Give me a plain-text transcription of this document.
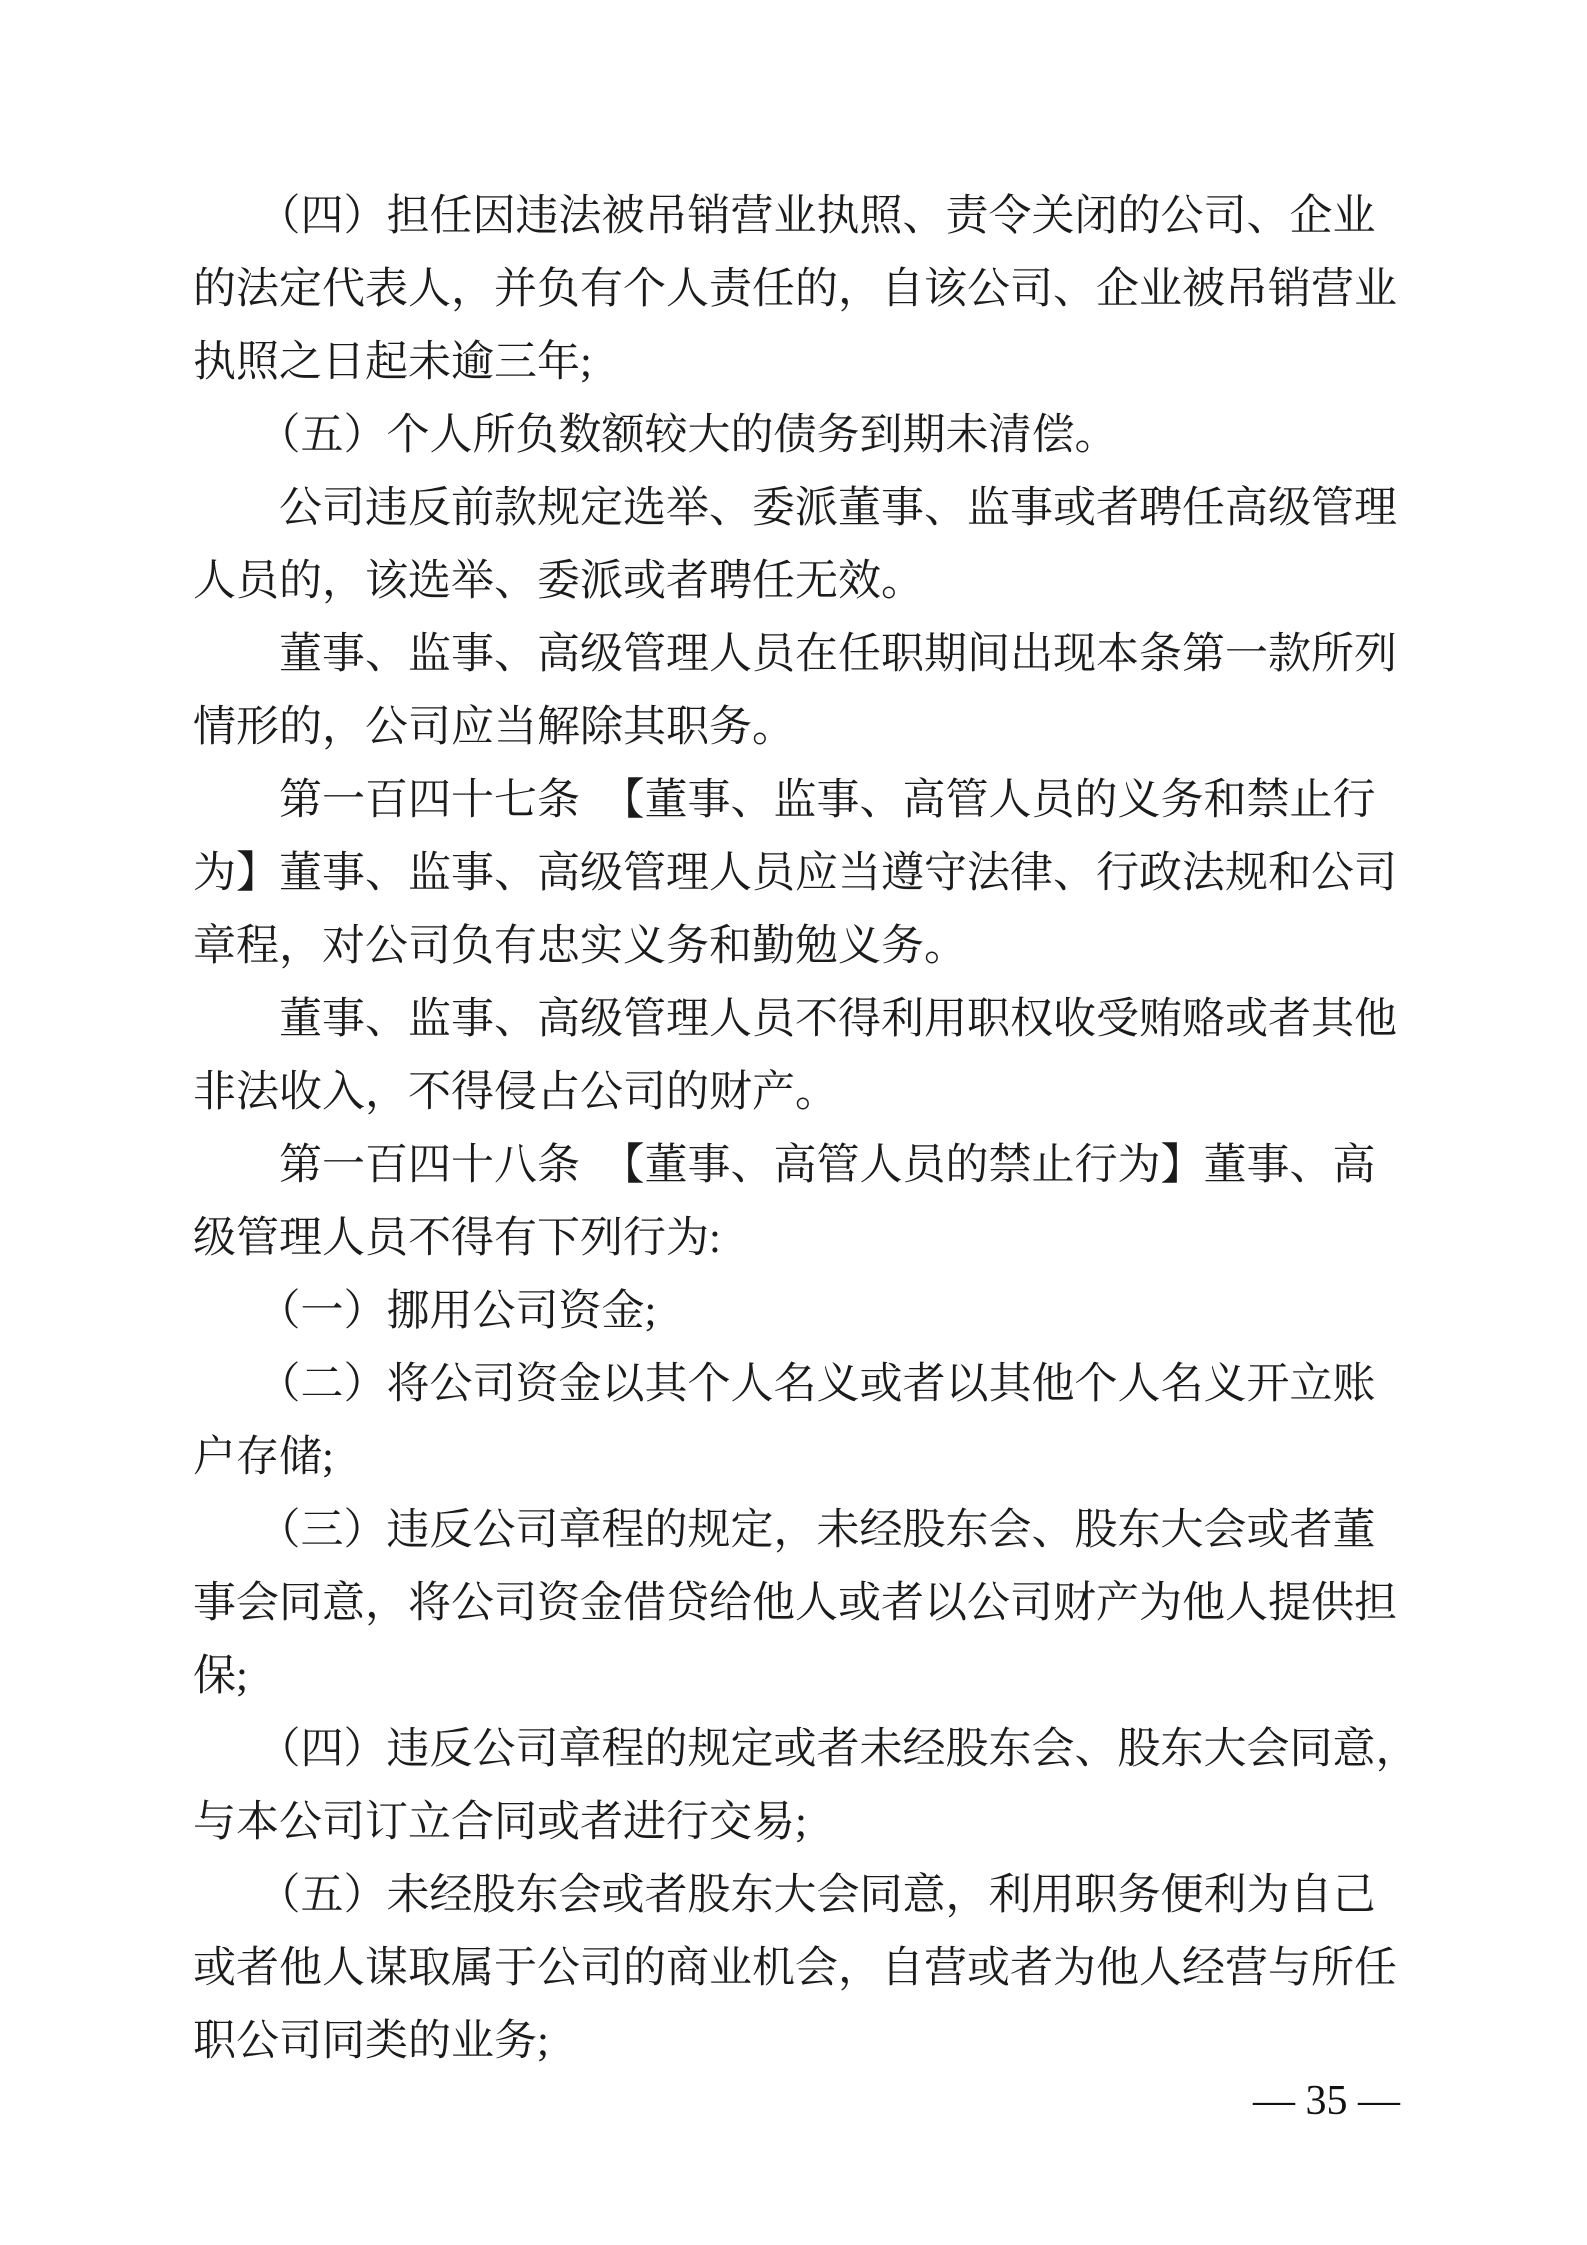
　　（四）担任因违法被吊销营业执照、责令关闭的公司、企业
的法定代表人，并负有个人责任的，自该公司、企业被吊销营业
执照之日起未逾三年;
　　（五）个人所负数额较大的债务到期未清偿。
　　公司违反前款规定选举、委派董事、监事或者聘任高级管理
人员的，该选举、委派或者聘任无效。
　　董事、监事、高级管理人员在任职期间出现本条第一款所列
情形的，公司应当解除其职务。
　　第一百四十七条　【董事、监事、高管人员的义务和禁止行
为】董事、监事、高级管理人员应当遵守法律、行政法规和公司
章程，对公司负有忠实义务和勤勉义务。
　　董事、监事、高级管理人员不得利用职权收受贿赂或者其他
非法收入，不得侵占公司的财产。
　　第一百四十八条　【董事、高管人员的禁止行为】董事、高
级管理人员不得有下列行为:
　　（一）挪用公司资金;
　　（二）将公司资金以其个人名义或者以其他个人名义开立账
户存储;
　　（三）违反公司章程的规定，未经股东会、股东大会或者董
事会同意，将公司资金借贷给他人或者以公司财产为他人提供担
保;
　　（四）违反公司章程的规定或者未经股东会、股东大会同意，
与本公司订立合同或者进行交易;
　　（五）未经股东会或者股东大会同意，利用职务便利为自己
或者他人谋取属于公司的商业机会，自营或者为他人经营与所任
职公司同类的业务;
— 35 —
